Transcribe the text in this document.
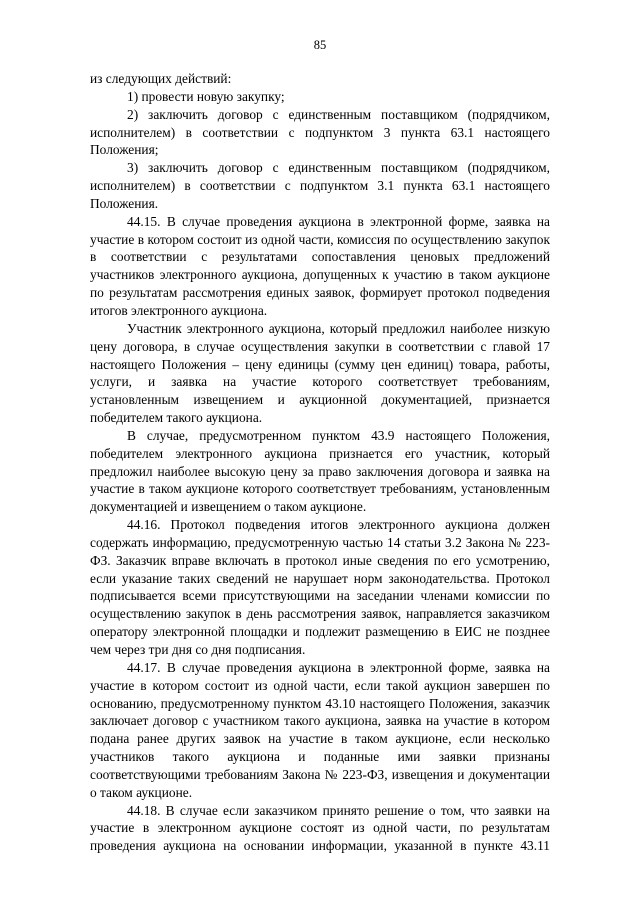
85

из следующих действий:

1) провести новую закупку;

2) заключить договор с единственным поставщиком (подрядчиком, исполнителем) в соответствии с подпунктом 3 пункта 63.1 настоящего Положения;

3) заключить договор с единственным поставщиком (подрядчиком, исполнителем) в соответствии с подпунктом 3.1 пункта 63.1 настоящего Положения.

44.15. В случае проведения аукциона в электронной форме, заявка на участие в котором состоит из одной части, комиссия по осуществлению закупок в соответствии с результатами сопоставления ценовых предложений участников электронного аукциона, допущенных к участию в таком аукционе по результатам рассмотрения единых заявок, формирует протокол подведения итогов электронного аукциона.

Участник электронного аукциона, который предложил наиболее низкую цену договора, в случае осуществления закупки в соответствии с главой 17 настоящего Положения – цену единицы (сумму цен единиц) товара, работы, услуги, и заявка на участие которого соответствует требованиям, установленным извещением и аукционной документацией, признается победителем такого аукциона.

В случае, предусмотренном пунктом 43.9 настоящего Положения, победителем электронного аукциона признается его участник, который предложил наиболее высокую цену за право заключения договора и заявка на участие в таком аукционе которого соответствует требованиям, установленным документацией и извещением о таком аукционе.

44.16. Протокол подведения итогов электронного аукциона должен содержать информацию, предусмотренную частью 14 статьи 3.2 Закона № 223-ФЗ. Заказчик вправе включать в протокол иные сведения по его усмотрению, если указание таких сведений не нарушает норм законодательства. Протокол подписывается всеми присутствующими на заседании членами комиссии по осуществлению закупок в день рассмотрения заявок, направляется заказчиком оператору электронной площадки и подлежит размещению в ЕИС не позднее чем через три дня со дня подписания.

44.17. В случае проведения аукциона в электронной форме, заявка на участие в котором состоит из одной части, если такой аукцион завершен по основанию, предусмотренному пунктом 43.10 настоящего Положения, заказчик заключает договор с участником такого аукциона, заявка на участие в котором подана ранее других заявок на участие в таком аукционе, если несколько участников такого аукциона и поданные ими заявки признаны соответствующими требованиям Закона № 223-ФЗ, извещения и документации о таком аукционе.

44.18. В случае если заказчиком принято решение о том, что заявки на участие в электронном аукционе состоят из одной части, по результатам проведения аукциона на основании информации, указанной в пункте 43.11
